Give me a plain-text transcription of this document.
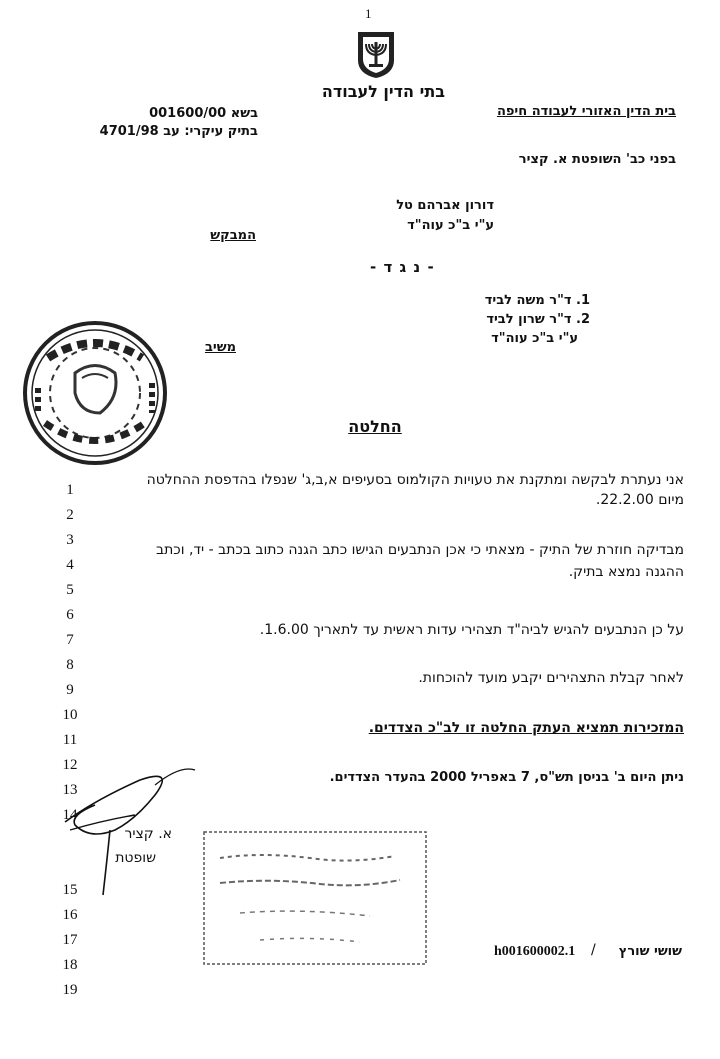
1
בתי הדין לעבודה
בית הדין האזורי לעבודה חיפה
בשא 001600/00
בתיק עיקרי: עב 4701/98
בפני כב' השופטת א. קציר
דורון אברהם טל
ע"י ב"כ עוה"ד
המבקש
- נ ג ד -
1. ד"ר משה לביד
2. ד"ר שרון לביד
ע"י ב"כ עוה"ד
משיב
החלטה
1
2
3
4
5
6
7
8
9
10
11
12
13
14
15
16
17
18
19
אני נעתרת לבקשה ומתקנת את טעויות הקולמוס בסעיפים א,ב,ג' שנפלו בהדפסת ההחלטה
מיום 22.2.00.
מבדיקה חוזרת של התיק - מצאתי כי אכן הנתבעים הגישו כתב הגנה כתוב בכתב - יד, וכתב
ההגנה נמצא בתיק.
על כן הנתבעים להגיש לביה"ד תצהירי עדות ראשית עד לתאריך 1.6.00.
לאחר קבלת התצהירים יקבע מועד להוכחות.
המזכירות תמציא העתק החלטה זו לב"כ הצדדים.
ניתן היום ב' בניסן תש"ס, 7 באפריל 2000 בהעדר הצדדים.
א. קציר
שופטת
שושי שורץ
/
h001600002.1
